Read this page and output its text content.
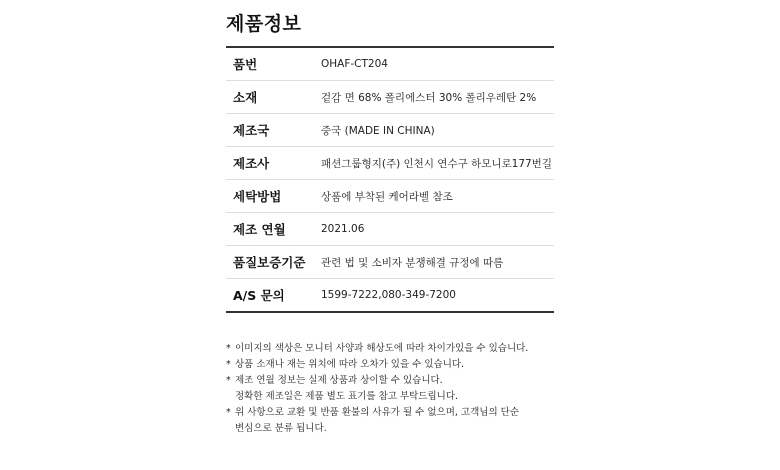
제품정보
품번	OHAF-CT204
소재	겉감 면 68% 폴리에스터 30% 폴리우레탄 2%
제조국	중국 (MADE IN CHINA)
제조사	패션그룹형지(주) 인천시 연수구 하모니로177번길
세탁방법	상품에 부착된 케어라벨 참조
제조 연월	2021.06
품질보증기준	관련 법 및 소비자 분쟁해결 규정에 따름
A/S 문의	1599-7222,080-349-7200
* 이미지의 색상은 모니터 사양과 해상도에 따라 차이가있을 수 있습니다.
* 상품 소재나 재는 위치에 따라 오차가 있을 수 있습니다.
* 제조 연월 정보는 실제 상품과 상이할 수 있습니다.
정확한 제조일은 제품 별도 표기를 참고 부탁드립니다.
* 위 사항으로 교환 및 반품 환불의 사유가 될 수 없으며, 고객님의 단순
변심으로 분류 됩니다.
